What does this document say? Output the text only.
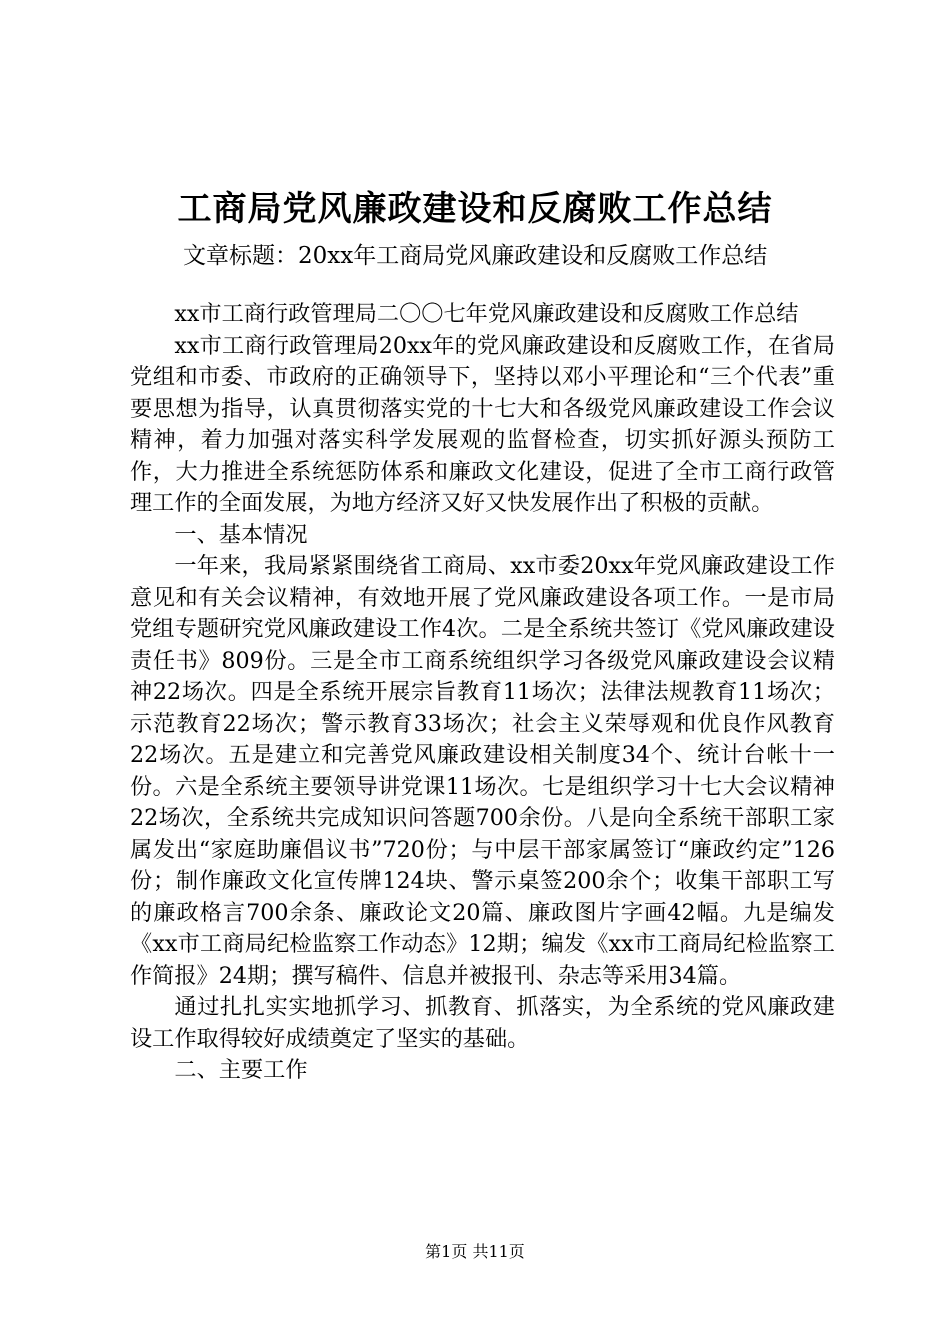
工商局党风廉政建设和反腐败工作总结
文章标题：20xx年工商局党风廉政建设和反腐败工作总结

xx市工商行政管理局二〇〇七年党风廉政建设和反腐败工作总结

xx市工商行政管理局20xx年的党风廉政建设和反腐败工作，在省局党组和市委、市政府的正确领导下，坚持以邓小平理论和“三个代表”重要思想为指导，认真贯彻落实党的十七大和各级党风廉政建设工作会议精神，着力加强对落实科学发展观的监督检查，切实抓好源头预防工作，大力推进全系统惩防体系和廉政文化建设，促进了全市工商行政管理工作的全面发展，为地方经济又好又快发展作出了积极的贡献。

一、基本情况

一年来，我局紧紧围绕省工商局、xx市委20xx年党风廉政建设工作意见和有关会议精神，有效地开展了党风廉政建设各项工作。一是市局党组专题研究党风廉政建设工作4次。二是全系统共签订《党风廉政建设责任书》809份。三是全市工商系统组织学习各级党风廉政建设会议精神22场次。四是全系统开展宗旨教育11场次；法律法规教育11场次；示范教育22场次；警示教育33场次；社会主义荣辱观和优良作风教育22场次。五是建立和完善党风廉政建设相关制度34个、统计台帐十一份。六是全系统主要领导讲党课11场次。七是组织学习十七大会议精神22场次，全系统共完成知识问答题700余份。八是向全系统干部职工家属发出“家庭助廉倡议书”720份；与中层干部家属签订“廉政约定”126份；制作廉政文化宣传牌124块、警示桌签200余个；收集干部职工写的廉政格言700余条、廉政论文20篇、廉政图片字画42幅。九是编发《xx市工商局纪检监察工作动态》12期；编发《xx市工商局纪检监察工作简报》24期；撰写稿件、信息并被报刊、杂志等采用34篇。

通过扎扎实实地抓学习、抓教育、抓落实，为全系统的党风廉政建设工作取得较好成绩奠定了坚实的基础。

二、主要工作

第1页 共11页
